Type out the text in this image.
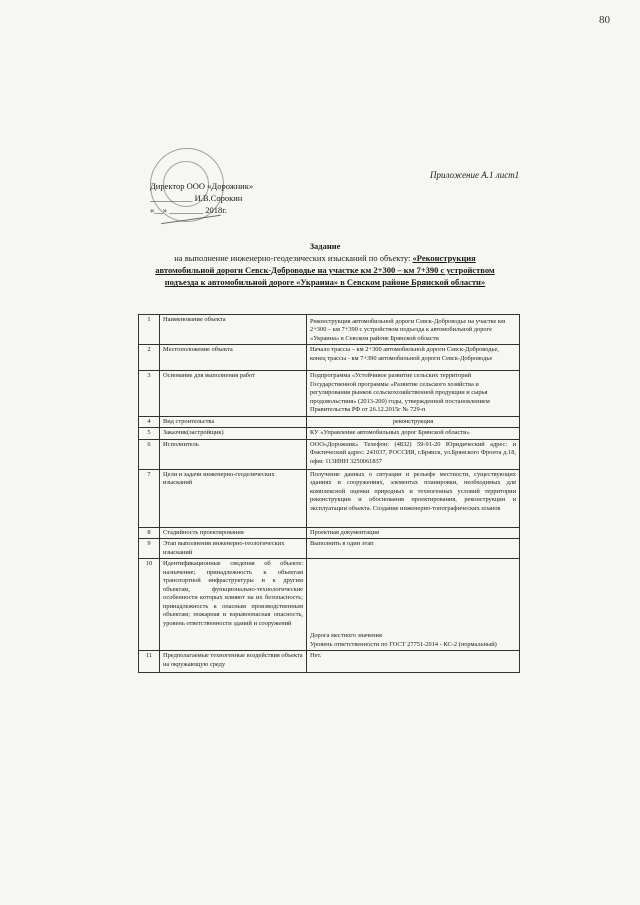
80
Приложение А.1 лист1
Директор ООО «Дорожник»
__________ И.В.Сорокин
«__» ________ 2018г.
Задание
на выполнение инженерно-геодезических изысканий по объекту: «Реконструкция автомобильной дороги Севск-Доброводье на участке км 2+300 – км 7+390 с устройством подъезда к автомобильной дороге «Украина» в Севском районе Брянской области»
1	Наименование объекта	Реконструкция автомобильной дороги Севск-Доброводье на участке км 2+300 – км 7+390 с устройством подъезда к автомобильной дороге «Украина» в Севском районе Брянской области
2	Местоположение объекта	Начало трассы – км 2+300 автомобильной дороги Севск-Доброводье, конец трассы - км 7+390 автомобильной дороги Севск-Доброводье
3	Основание для выполнения работ	Подпрограмма «Устойчивое развитие сельских территорий Государственной программы «Развитие сельского хозяйства и регулирования рынков сельскохозяйственной продукции и сырья продовольствия» (2013-200) годы, утвержденной постановлением Правительства РФ от 26.12.2015г № 729-п
4	Вид строительства	реконструкция
5	Заказчик(застройщик)	КУ «Управление автомобильных дорог Брянской области»
6	Исполнитель	ООО«Дорожник» Телефон: (4832) 59-91-20 Юридический адрес: и Фактический адрес: 241037, РОССИЯ, г.Брянск, ул.Брянского Фронта д.18, офис 113ИНН 3250061837
7	Цели и задачи инженерно-геодезических изысканий	Получение данных о ситуации и рельефе местности, существующих зданиях и сооружениях, элементах планировки, необходимых для комплексной оценки природных и техногенных условий территории реконструкции и обоснования проектирования, реконструкции и эксплуатации объекта. Создание инженерно-топографических планов
8	Стадийность проектирования	Проектная документация
9	Этап выполнения инженерно-геологических изысканий	Выполнить в один этап
10	Идентификационные сведения об объекте: назначение; принадлежность к объектам транспортной инфраструктуры и к другим объектам, функционально-технологические особенности которых влияют на их безопасность; принадлежность к опасным производственным объектам; пожарная и взрывоопасная опасность, уровень ответственности зданий и сооружений	Дорога местного значения
Уровень ответственности по ГОСТ 27751-2014 - КС-2 (нормальный)
11	Предполагаемые техногенные воздействия объекта на окружающую среду	Нет.
